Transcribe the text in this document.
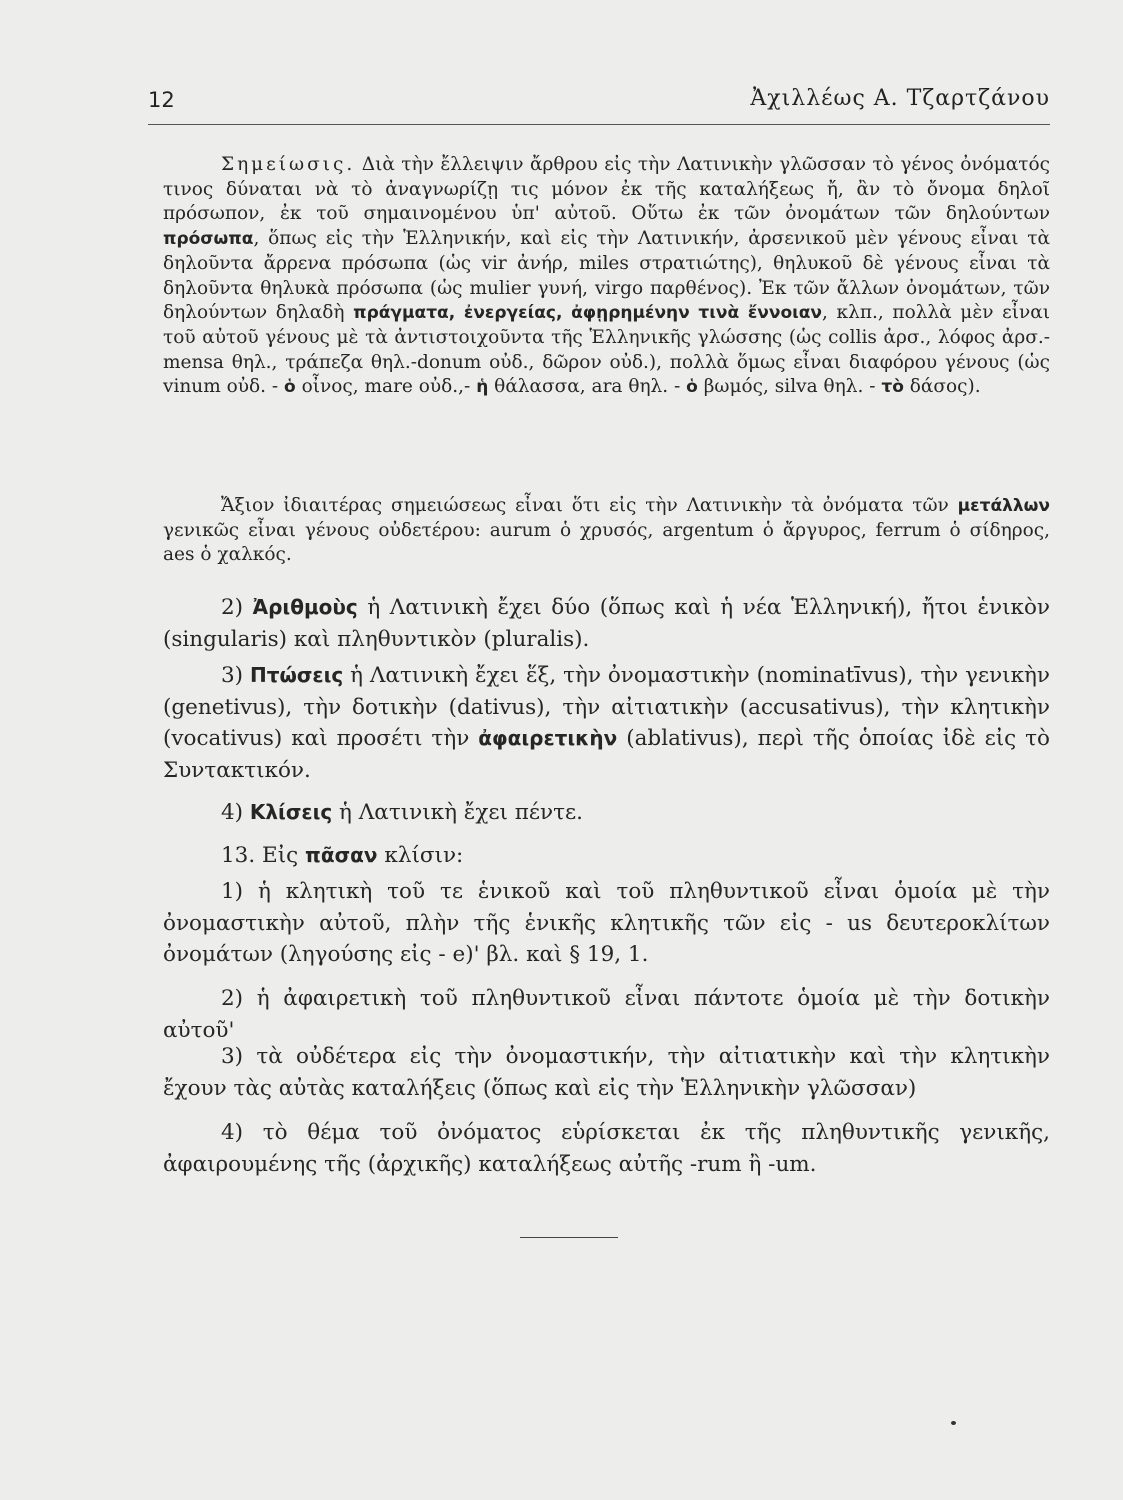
12	Ἀχιλλέως Α. Τζαρτζάνου
Σημείωσις. Διὰ τὴν ἔλλειψιν ἄρθρου εἰς τὴν Λατινικὴν γλῶσσαν τὸ γένος ὀνόματός τινος δύναται νὰ τὸ ἀναγνωρίζῃ τις μόνον ἐκ τῆς καταλήξεως ἤ, ἂν τὸ ὄνομα δηλοῖ πρόσωπον, ἐκ τοῦ σημαινομένου ὑπ' αὐτοῦ. Οὕτω ἐκ τῶν ὀνομάτων τῶν δηλούντων πρόσωπα, ὅπως εἰς τὴν Ἑλληνικήν, καὶ εἰς τὴν Λατινικήν, ἀρσενικοῦ μὲν γένους εἶναι τὰ δηλοῦντα ἄρρενα πρόσωπα (ὡς vir ἀνήρ, miles στρατιώτης), θηλυκοῦ δὲ γένους εἶναι τὰ δηλοῦντα θηλυκὰ πρόσωπα (ὡς mulier γυνή, virgo παρθένος). Ἐκ τῶν ἄλλων ὀνομάτων, τῶν δηλούντων δηλαδὴ πράγματα, ἐνεργείας, ἀφῃρημένην τινὰ ἔννοιαν, κλπ., πολλὰ μὲν εἶναι τοῦ αὐτοῦ γένους μὲ τὰ ἀντιστοιχοῦντα τῆς Ἑλληνικῆς γλώσσης (ὡς collis ἀρσ., λόφος ἀρσ.-mensa θηλ., τράπεζα θηλ.-donum οὐδ., δῶρον οὐδ.), πολλὰ ὅμως εἶναι διαφόρου γένους (ὡς vinum οὐδ. - ὁ οἶνος, mare οὐδ.,- ἡ θάλασσα, ara θηλ. - ὁ βωμός, silva θηλ. - τὸ δάσος).
Ἄξιον ἰδιαιτέρας σημειώσεως εἶναι ὅτι εἰς τὴν Λατινικὴν τὰ ὀνόματα τῶν μετάλλων γενικῶς εἶναι γένους οὐδετέρου: aurum ὁ χρυσός, argentum ὁ ἄργυρος, ferrum ὁ σίδηρος, aes ὁ χαλκός.
2) Ἀριθμοὺς ἡ Λατινικὴ ἔχει δύο (ὅπως καὶ ἡ νέα Ἑλληνική), ἤτοι ἑνικὸν (singularis) καὶ πληθυντικὸν (pluralis).
3) Πτώσεις ἡ Λατινικὴ ἔχει ἕξ, τὴν ὀνομαστικὴν (nominatīvus), τὴν γενικὴν (genetivus), τὴν δοτικὴν (dativus), τὴν αἰτιατικὴν (accusativus), τὴν κλητικὴν (vocativus) καὶ προσέτι τὴν ἀφαιρετικὴν (ablativus), περὶ τῆς ὁποίας ἰδὲ εἰς τὸ Συντακτικόν.
4) Κλίσεις ἡ Λατινικὴ ἔχει πέντε.
13. Εἰς πᾶσαν κλίσιν:
1) ἡ κλητικὴ τοῦ τε ἑνικοῦ καὶ τοῦ πληθυντικοῦ εἶναι ὁμοία μὲ τὴν ὀνομαστικὴν αὐτοῦ, πλὴν τῆς ἑνικῆς κλητικῆς τῶν εἰς - us δευτεροκλίτων ὀνομάτων (ληγούσης εἰς - e)' βλ. καὶ § 19, 1.
2) ἡ ἀφαιρετικὴ τοῦ πληθυντικοῦ εἶναι πάντοτε ὁμοία μὲ τὴν δοτικὴν αὐτοῦ'
3) τὰ οὐδέτερα εἰς τὴν ὀνομαστικήν, τὴν αἰτιατικὴν καὶ τὴν κλητικὴν ἔχουν τὰς αὐτὰς καταλήξεις (ὅπως καὶ εἰς τὴν Ἑλληνικὴν γλῶσσαν)
4) τὸ θέμα τοῦ ὀνόματος εὑρίσκεται ἐκ τῆς πληθυντικῆς γενικῆς, ἀφαιρουμένης τῆς (ἀρχικῆς) καταλήξεως αὐτῆς -rum ἢ -um.
